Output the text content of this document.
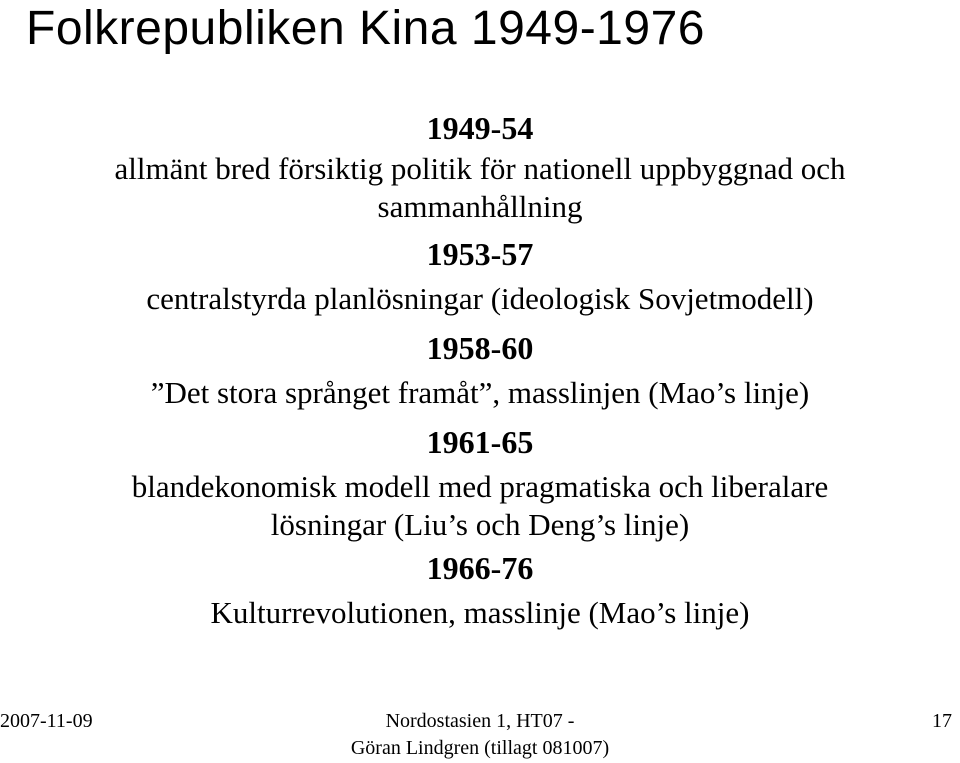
Folkrepubliken Kina 1949-1976
1949-54
allmänt bred försiktig politik för nationell uppbyggnad och
sammanhållning
1953-57
centralstyrda planlösningar (ideologisk Sovjetmodell)
1958-60
”Det stora språnget framåt”, masslinjen (Mao’s linje)
1961-65
blandekonomisk modell med pragmatiska och liberalare
lösningar (Liu’s och Deng’s linje)
1966-76
Kulturrevolutionen, masslinje (Mao’s linje)
2007-11-09	Nordostasien 1, HT07 -
Göran Lindgren (tillagt 081007)
17
